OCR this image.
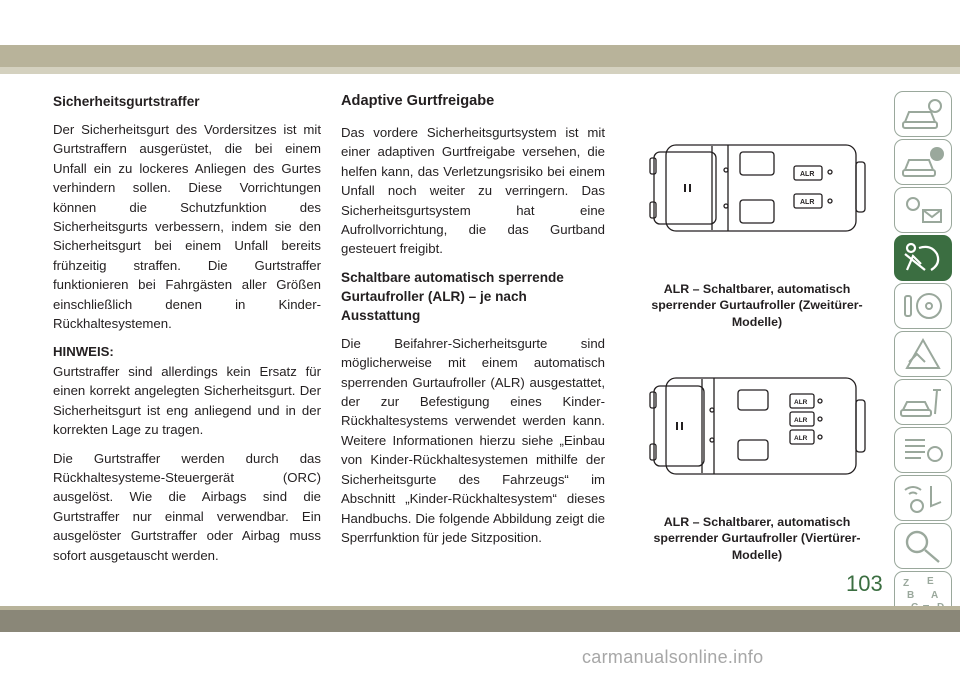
Sicherheitsgurtstraffer

Der Sicherheitsgurt des Vordersitzes ist mit Gurtstraffern ausgerüstet, die bei einem Unfall ein zu lockeres Anliegen des Gurtes verhindern sollen. Diese Vorrichtungen können die Schutzfunktion des Sicherheitsgurts verbessern, indem sie den Sicherheitsgurt bei einem Unfall bereits frühzeitig straffen. Die Gurtstraffer funktionieren bei Fahrgästen aller Größen einschließlich denen in Kinder-Rückhaltesystemen.

HINWEIS:
Gurtstraffer sind allerdings kein Ersatz für einen korrekt angelegten Sicherheitsgurt. Der Sicherheitsgurt ist eng anliegend und in der korrekten Lage zu tragen.

Die Gurtstraffer werden durch das Rückhaltesysteme-Steuergerät (ORC) ausgelöst. Wie die Airbags sind die Gurtstraffer nur einmal verwendbar. Ein ausgelöster Gurtstraffer oder Airbag muss sofort ausgetauscht werden.

Adaptive Gurtfreigabe

Das vordere Sicherheitsgurtsystem ist mit einer adaptiven Gurtfreigabe versehen, die helfen kann, das Verletzungsrisiko bei einem Unfall noch weiter zu verringern. Das Sicherheitsgurtsystem hat eine Aufrollvorrichtung, die das Gurtband gesteuert freigibt.

Schaltbare automatisch sperrende Gurtaufroller (ALR) – je nach Ausstattung

Die Beifahrer-Sicherheitsgurte sind möglicherweise mit einem automatisch sperrenden Gurtaufroller (ALR) ausgestattet, der zur Befestigung eines Kinder-Rückhaltesystems verwendet werden kann. Weitere Informationen hierzu siehe „Einbau von Kinder-Rückhaltesystemen mithilfe der Sicherheitsgurte des Fahrzeugs“ im Abschnitt „Kinder-Rückhaltesystem“ dieses Handbuchs. Die folgende Abbildung zeigt die Sperrfunktion für jede Sitzposition.

ALR
ALR
ALR – Schaltbarer, automatisch sperrender Gurtaufroller (Zweitürer-Modelle)
ALR
ALR
ALR
ALR – Schaltbarer, automatisch sperrender Gurtaufroller (Viertürer-Modelle)
103 Z E
B A
carmanualsonline.info
